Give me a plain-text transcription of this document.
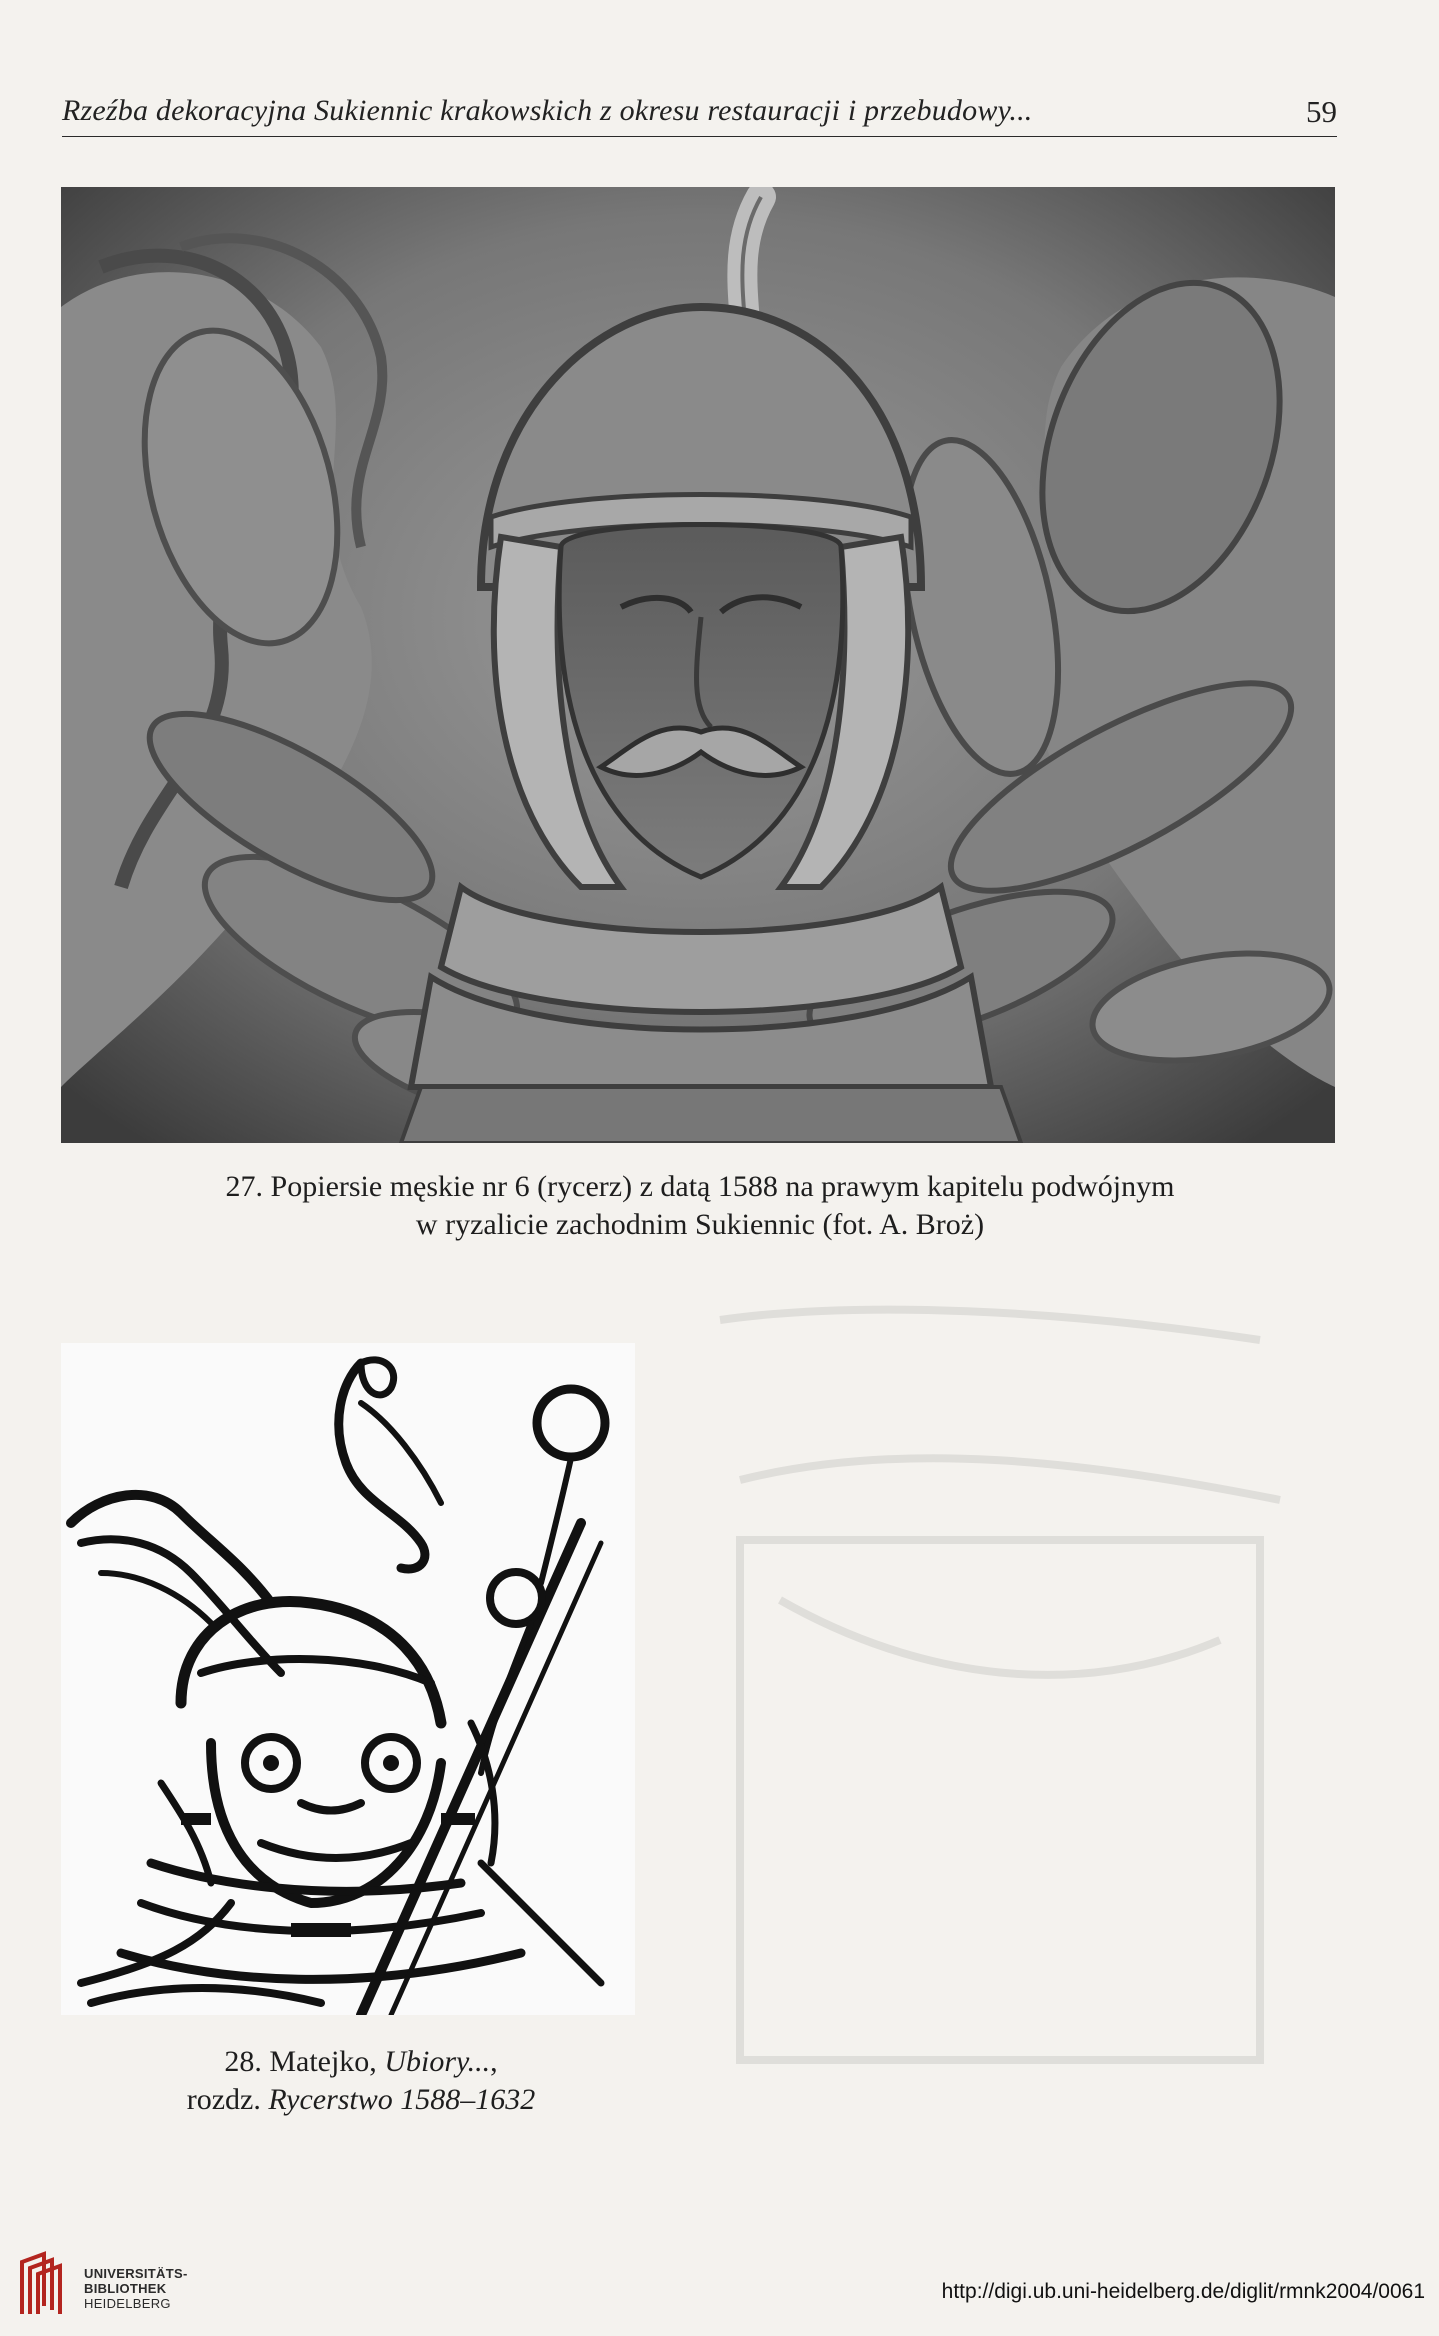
Rzeźba dekoracyjna Sukiennic krakowskich z okresu restauracji i przebudowy...	59
27. Popiersie męskie nr 6 (rycerz) z datą 1588 na prawym kapitelu podwójnym
w ryzalicie zachodnim Sukiennic (fot. A. Broż)
28. Matejko, Ubiory...,
rozdz. Rycerstwo 1588–1632
UNIVERSITÄTS-
BIBLIOTHEK
HEIDELBERG
http://digi.ub.uni-heidelberg.de/diglit/rmnk2004/0061
